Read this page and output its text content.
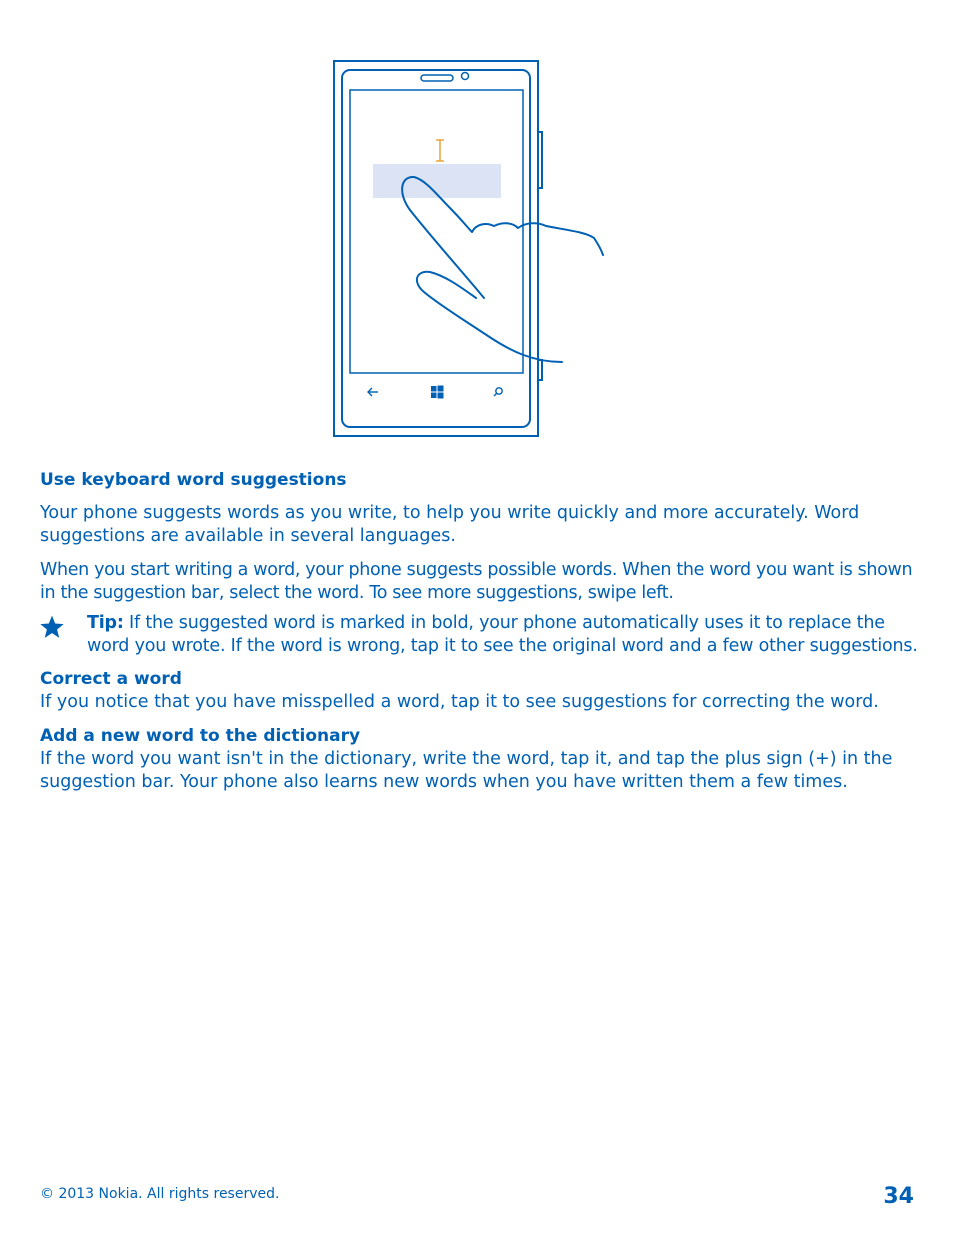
Use keyboard word suggestions

Your phone suggests words as you write, to help you write quickly and more accurately. Word suggestions are available in several languages.

When you start writing a word, your phone suggests possible words. When the word you want is shown in the suggestion bar, select the word. To see more suggestions, swipe left.

Tip: If the suggested word is marked in bold, your phone automatically uses it to replace the word you wrote. If the word is wrong, tap it to see the original word and a few other suggestions.

Correct a word

If you notice that you have misspelled a word, tap it to see suggestions for correcting the word.

Add a new word to the dictionary

If the word you want isn't in the dictionary, write the word, tap it, and tap the plus sign (+) in the suggestion bar. Your phone also learns new words when you have written them a few times.

© 2013 Nokia. All rights reserved.	34
